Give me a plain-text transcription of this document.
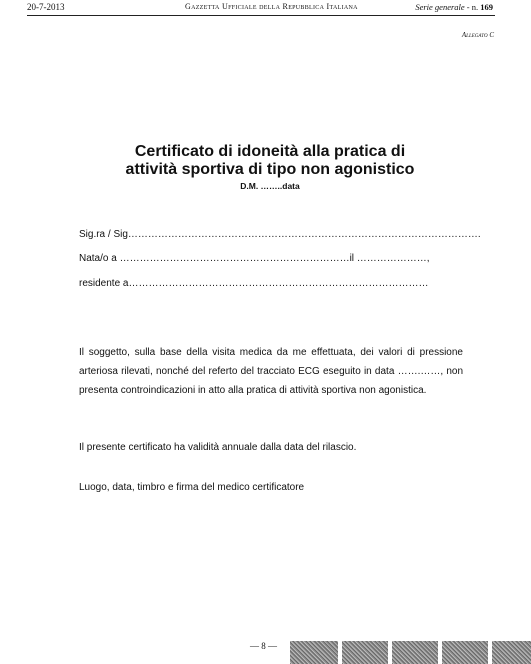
20-7-2013	Gazzetta Ufficiale della Repubblica Italiana	Serie generale - n. 169
Allegato C
Certificato di idoneità alla pratica di
attività sportiva di tipo non agonistico
D.M. ……..data
Sig.ra / Sig…………………………………………………………………………………………….
Nata/o a ……………………………………………………………il …………………,
residente a………………………………………………………………………………
Il soggetto, sulla base della visita medica da me effettuata, dei valori di pressione arteriosa rilevati, nonché del referto del tracciato ECG eseguito in data …….……, non presenta controindicazioni in atto alla pratica di attività sportiva non agonistica.
Il presente certificato ha validità annuale dalla data del rilascio.
Luogo, data, timbro e firma del medico certificatore
— 8 —
